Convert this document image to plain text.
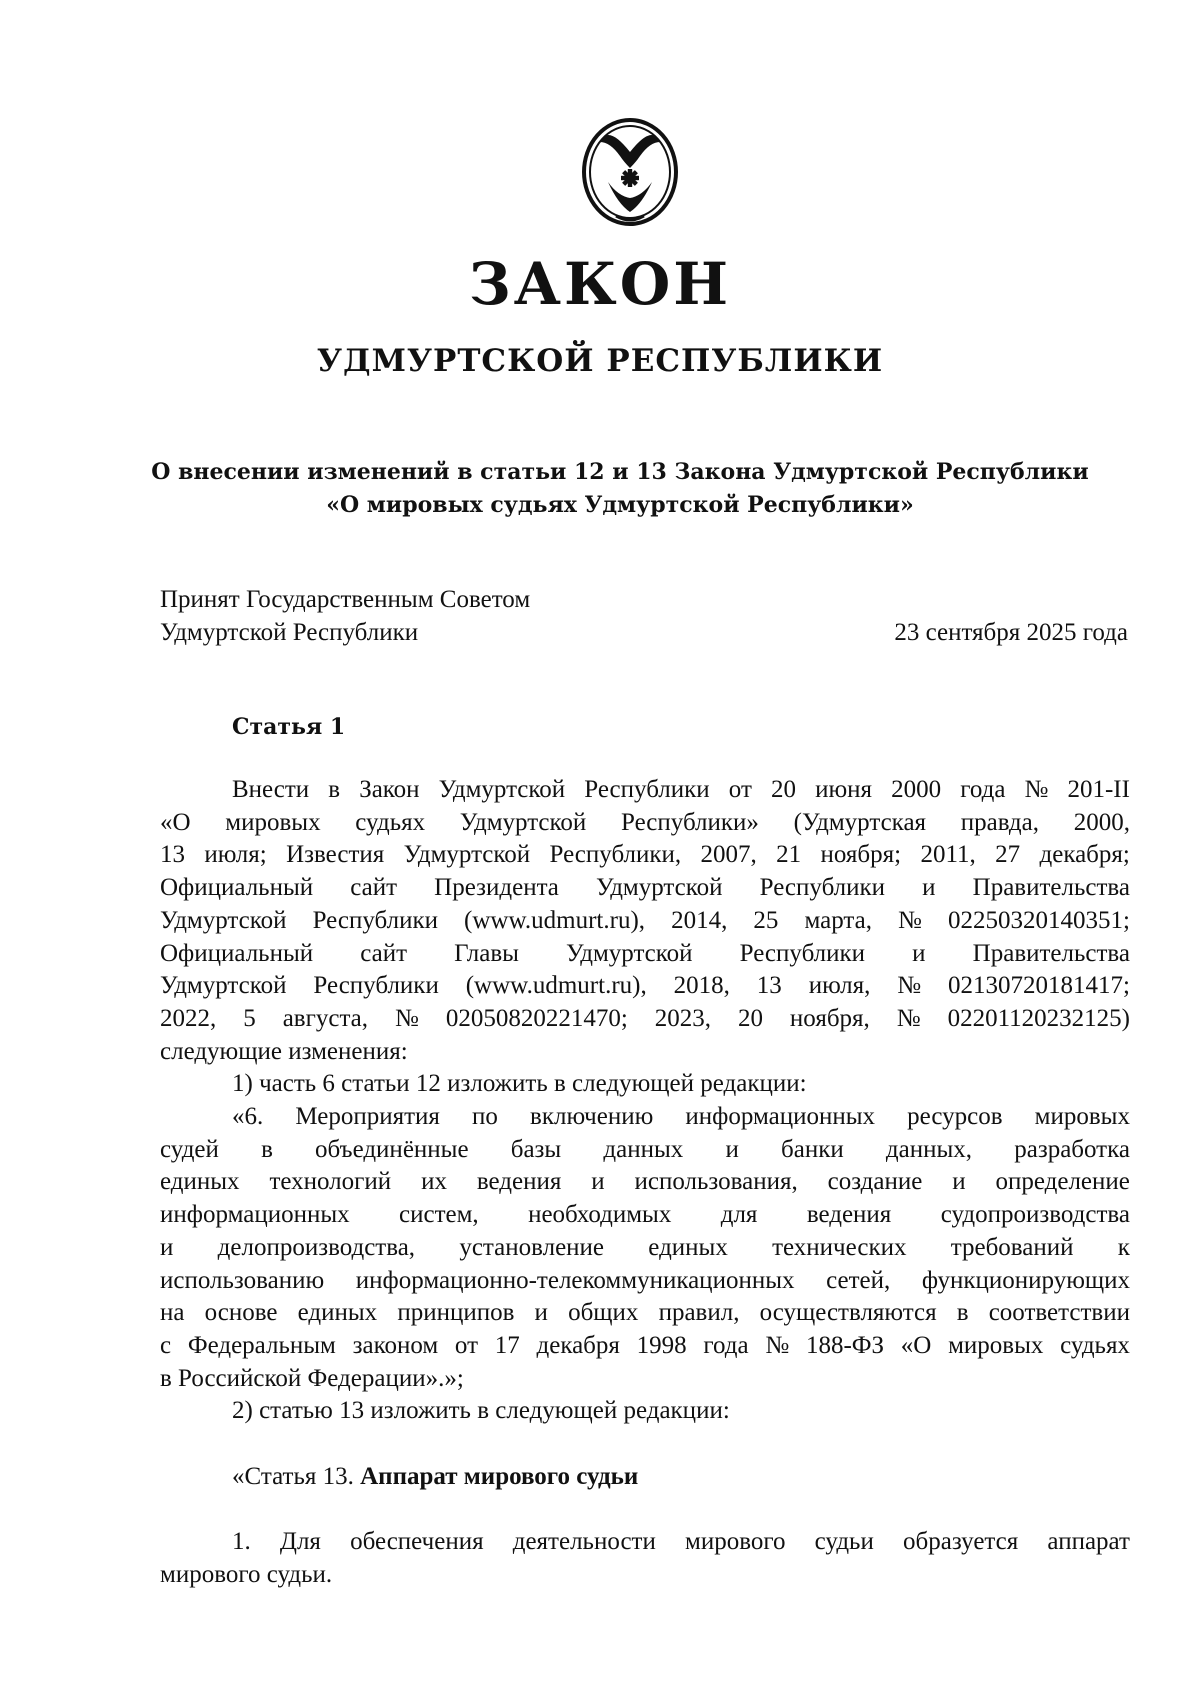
ЗАКОН
УДМУРТСКОЙ РЕСПУБЛИКИ
О внесении изменений в статьи 12 и 13 Закона Удмуртской Республики
«О мировых судьях Удмуртской Республики»
Принят Государственным Советом
Удмуртской Республики	23 сентября 2025 года
Статья 1
Внести в Закон Удмуртской Республики от 20 июня 2000 года № 201-II
«О мировых судьях Удмуртской Республики» (Удмуртская правда, 2000,
13 июля; Известия Удмуртской Республики, 2007, 21 ноября; 2011, 27 декабря;
Официальный сайт Президента Удмуртской Республики и Правительства
Удмуртской Республики (www.udmurt.ru), 2014, 25 марта, № 02250320140351;
Официальный сайт Главы Удмуртской Республики и Правительства
Удмуртской Республики (www.udmurt.ru), 2018, 13 июля, № 02130720181417;
2022, 5 августа, № 02050820221470; 2023, 20 ноября, № 02201120232125)
следующие изменения:
1) часть 6 статьи 12 изложить в следующей редакции:
«6. Мероприятия по включению информационных ресурсов мировых
судей в объединённые базы данных и банки данных, разработка
единых технологий их ведения и использования, создание и определение
информационных систем, необходимых для ведения судопроизводства
и делопроизводства, установление единых технических требований к
использованию информационно-телекоммуникационных сетей, функционирующих
на основе единых принципов и общих правил, осуществляются в соответствии
с Федеральным законом от 17 декабря 1998 года № 188-ФЗ «О мировых судьях
в Российской Федерации».»;
2) статью 13 изложить в следующей редакции:
«Статья 13. Аппарат мирового судьи
1. Для обеспечения деятельности мирового судьи образуется аппарат
мирового судьи.
